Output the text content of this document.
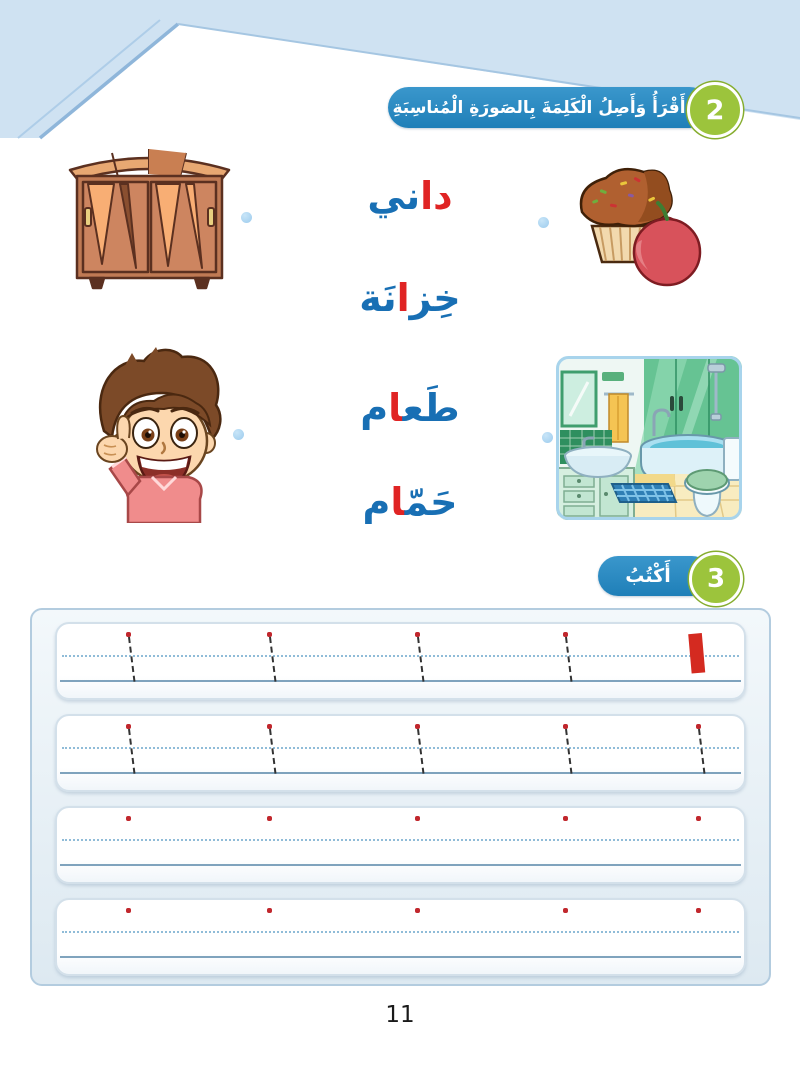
أَقْرَأُ وَأَصِلُ الْكَلِمَةَ بِالصَورَةِ الْمُناسِبَةِ 2
داني
خِزانَة
طَع‍‍ام
حَمّ‍‍ام
أَكْتُبُ 3
ا
11
